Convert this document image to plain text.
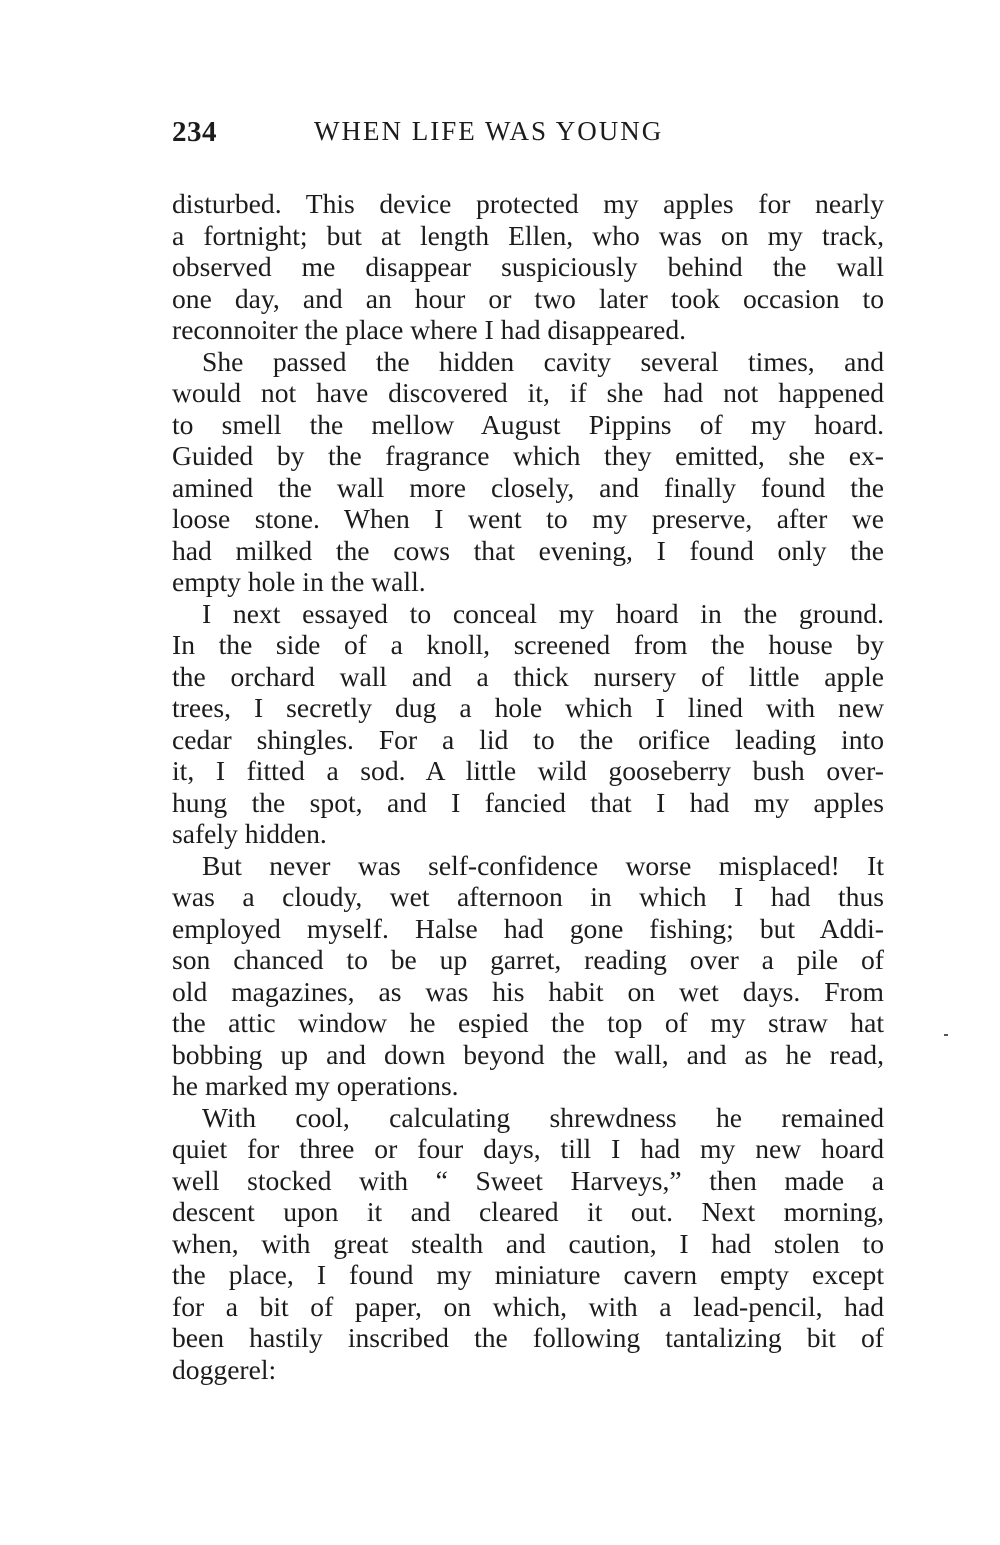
234	WHEN LIFE WAS YOUNG
disturbed. This device protected my apples for nearly
a fortnight; but at length Ellen, who was on my track,
observed me disappear suspiciously behind the wall
one day, and an hour or two later took occasion to
reconnoiter the place where I had disappeared.
She passed the hidden cavity several times, and
would not have discovered it, if she had not happened
to smell the mellow August Pippins of my hoard.
Guided by the fragrance which they emitted, she ex-
amined the wall more closely, and finally found the
loose stone. When I went to my preserve, after we
had milked the cows that evening, I found only the
empty hole in the wall.
I next essayed to conceal my hoard in the ground.
In the side of a knoll, screened from the house by
the orchard wall and a thick nursery of little apple
trees, I secretly dug a hole which I lined with new
cedar shingles. For a lid to the orifice leading into
it, I fitted a sod. A little wild gooseberry bush over-
hung the spot, and I fancied that I had my apples
safely hidden.
But never was self-confidence worse misplaced! It
was a cloudy, wet afternoon in which I had thus
employed myself. Halse had gone fishing; but Addi-
son chanced to be up garret, reading over a pile of
old magazines, as was his habit on wet days. From
the attic window he espied the top of my straw hat
bobbing up and down beyond the wall, and as he read,
he marked my operations.
With cool, calculating shrewdness he remained
quiet for three or four days, till I had my new hoard
well stocked with “ Sweet Harveys,” then made a
descent upon it and cleared it out. Next morning,
when, with great stealth and caution, I had stolen to
the place, I found my miniature cavern empty except
for a bit of paper, on which, with a lead-pencil, had
been hastily inscribed the following tantalizing bit of
doggerel:
